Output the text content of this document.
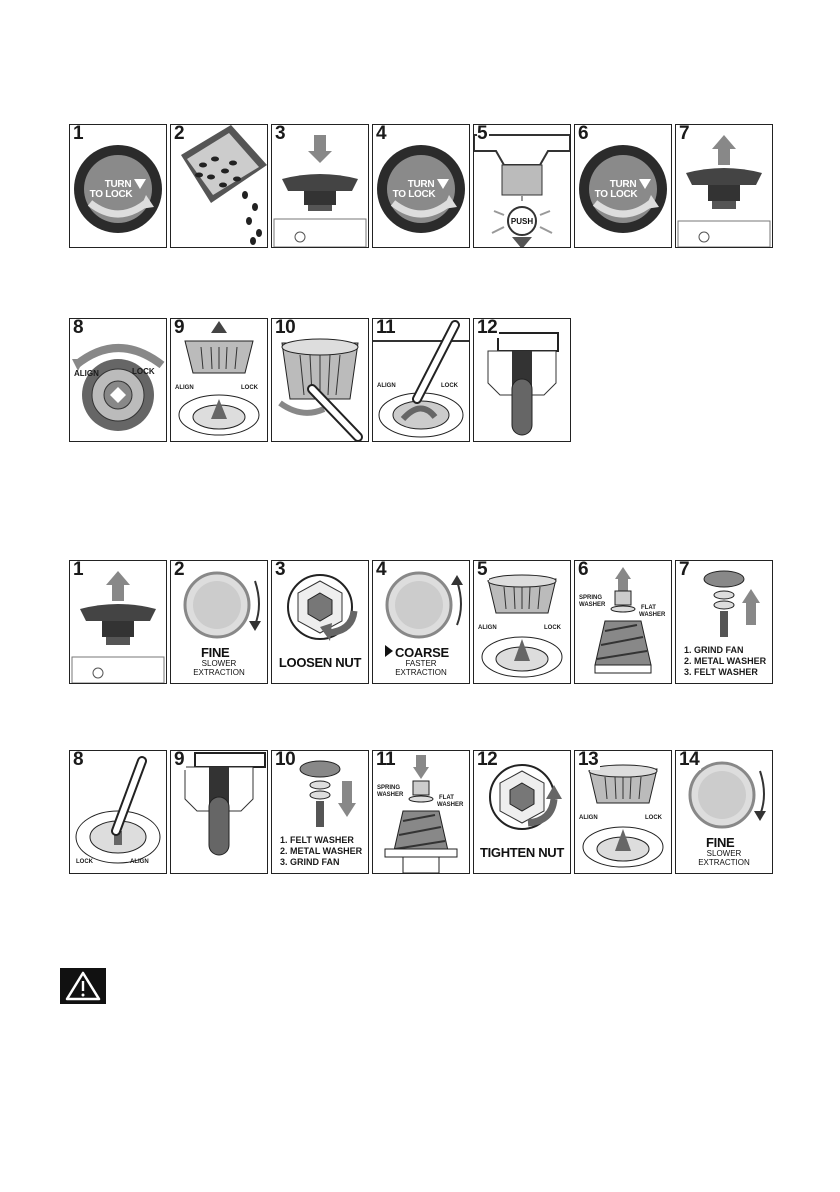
1
TURN
TO LOCK
2	3	4
TURN
TO LOCK
5
PUSH
6
TURN
TO LOCK
7
8
ALIGN	LOCK
9
ALIGN	LOCK
10	11
ALIGN	LOCK
12
1	2
FINE
SLOWER
EXTRACTION
3
LOOSEN NUT
4
COARSE
FASTER
EXTRACTION
5
ALIGN	LOCK
6
SPRING
WASHER	FLAT
WASHER
7
1. GRIND FAN
2. METAL WASHER
3. FELT WASHER
8
LOCK	ALIGN
9	10
1. FELT WASHER
2. METAL WASHER
3. GRIND FAN
11
SPRING
WASHER	FLAT
WASHER
12
TIGHTEN NUT
13
ALIGN	LOCK
14
FINE
SLOWER
EXTRACTION
